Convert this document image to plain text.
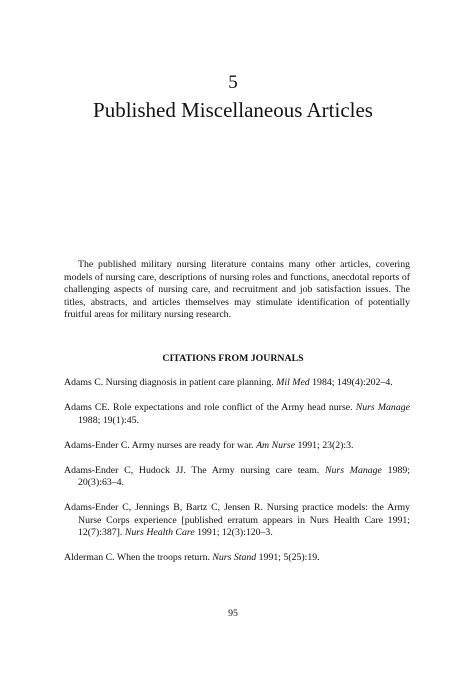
5
Published Miscellaneous Articles

The published military nursing literature contains many other articles, covering models of nursing care, descriptions of nursing roles and functions, anecdotal reports of challenging aspects of nursing care, and recruitment and job satisfaction issues. The titles, abstracts, and articles themselves may stimulate identification of potentially fruitful areas for military nursing research.

CITATIONS FROM JOURNALS
Adams C. Nursing diagnosis in patient care planning. Mil Med 1984; 149(4):202–4.
Adams CE. Role expectations and role conflict of the Army head nurse. Nurs Manage 1988; 19(1):45.
Adams-Ender C. Army nurses are ready for war. Am Nurse 1991; 23(2):3.
Adams-Ender C, Hudock JJ. The Army nursing care team. Nurs Manage 1989; 20(3):63–4.
Adams-Ender C, Jennings B, Bartz C, Jensen R. Nursing practice models: the Army Nurse Corps experience [published erratum appears in Nurs Health Care 1991; 12(7):387]. Nurs Health Care 1991; 12(3):120–3.
Alderman C. When the troops return. Nurs Stand 1991; 5(25):19.
95
